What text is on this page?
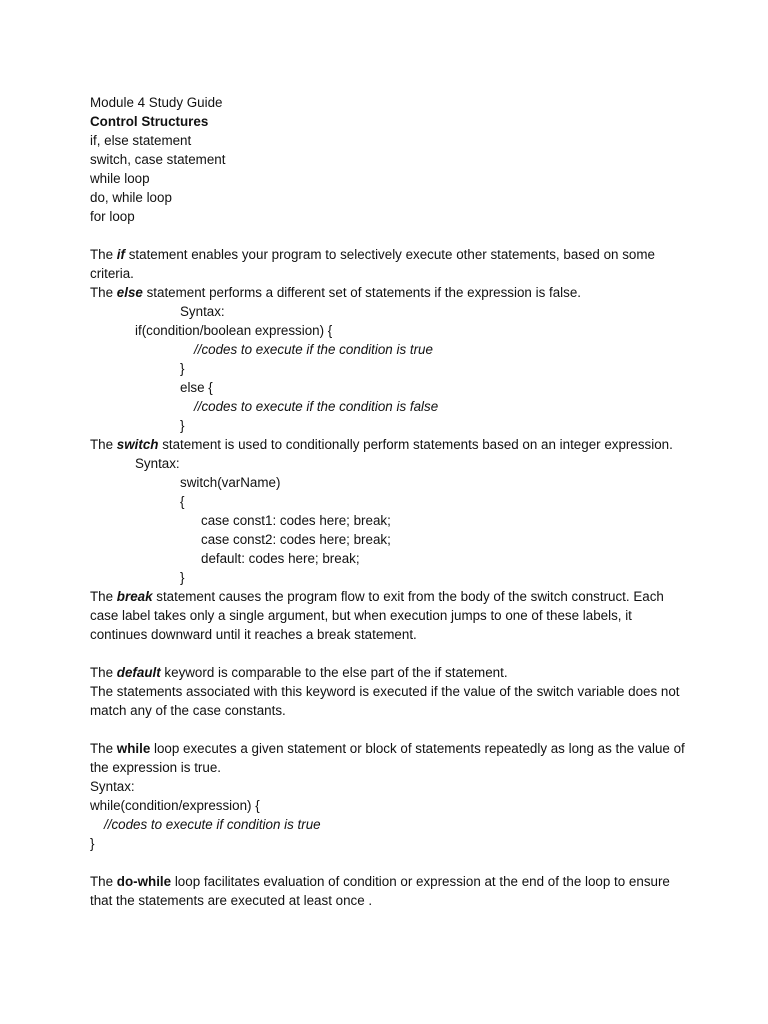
Module 4 Study Guide
Control Structures
if, else statement
switch, case statement
while loop
do, while loop
for loop
The if statement enables your program to selectively execute other statements, based on some criteria.
The else statement performs a different set of statements if the expression is false.
Syntax:
if(condition/boolean expression) {
//codes to execute if the condition is true
}
else {
//codes to execute if the condition is false
}
The switch statement is used to conditionally perform statements based on an integer expression.
Syntax:
switch(varName)
{
case const1: codes here; break;
case const2: codes here; break;
default: codes here; break;
}
The break statement causes the program flow to exit from the body of the switch construct. Each case label takes only a single argument, but when execution jumps to one of these labels, it continues downward until it reaches a break statement.
The default keyword is comparable to the else part of the if statement.
The statements associated with this keyword is executed if the value of the switch variable does not match any of the case constants.
The while loop executes a given statement or block of statements repeatedly as long as the value of the expression is true.
Syntax:
while(condition/expression) {
//codes to execute if condition is true
}
The do-while loop facilitates evaluation of condition or expression at the end of the loop to ensure that the statements are executed at least once .
